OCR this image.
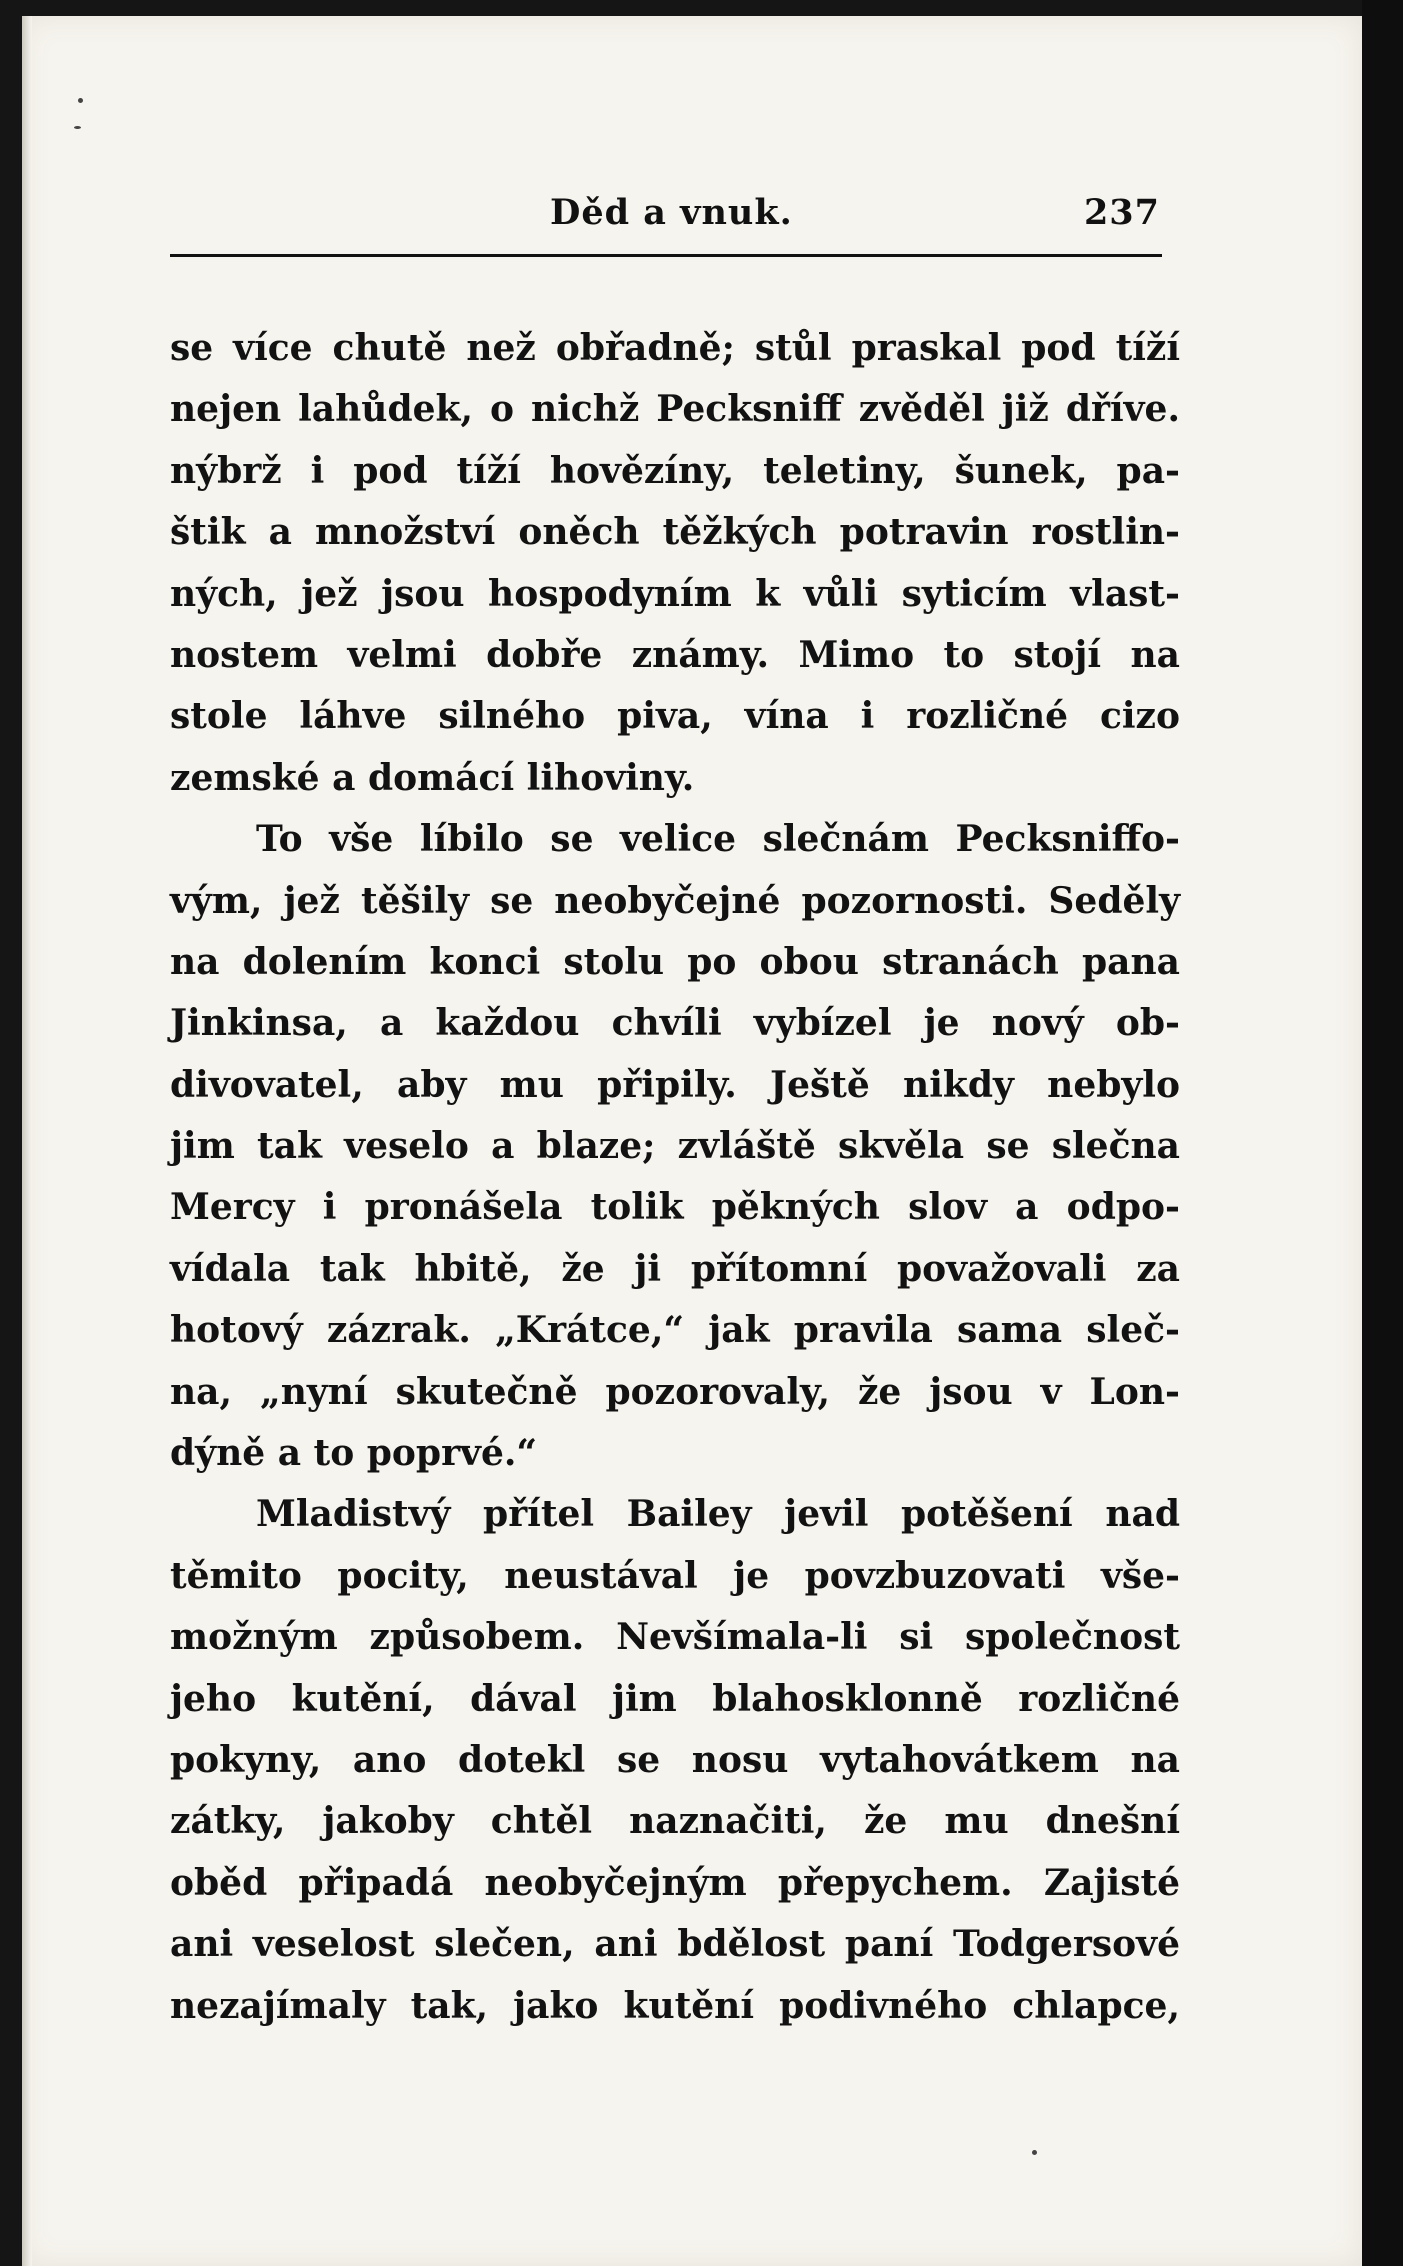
Děd a vnuk.	237
se více chutě než obřadně; stůl praskal pod tíží
nejen lahůdek, o nichž Pecksniff zvěděl již dříve.
nýbrž i pod tíží hovězíny, teletiny, šunek, pa-
štik a množství oněch těžkých potravin rostlin-
ných, jež jsou hospodyním k vůli syticím vlast-
nostem velmi dobře známy. Mimo to stojí na
stole láhve silného piva, vína i rozličné cizo
zemské a domácí lihoviny.
To vše líbilo se velice slečnám Pecksniffo-
vým, jež těšily se neobyčejné pozornosti. Seděly
na dolením konci stolu po obou stranách pana
Jinkinsa, a každou chvíli vybízel je nový ob-
divovatel, aby mu připily. Ještě nikdy nebylo
jim tak veselo a blaze; zvláště skvěla se slečna
Mercy i pronášela tolik pěkných slov a odpo-
vídala tak hbitě, že ji přítomní považovali za
hotový zázrak. „Krátce,“ jak pravila sama sleč-
na, „nyní skutečně pozorovaly, že jsou v Lon-
dýně a to poprvé.“
Mladistvý přítel Bailey jevil potěšení nad
těmito pocity, neustával je povzbuzovati vše-
možným způsobem. Nevšímala-li si společnost
jeho kutění, dával jim blahosklonně rozličné
pokyny, ano dotekl se nosu vytahovátkem na
zátky, jakoby chtěl naznačiti, že mu dnešní
oběd připadá neobyčejným přepychem. Zajisté
ani veselost slečen, ani bdělost paní Todgersové
nezajímaly tak, jako kutění podivného chlapce,
